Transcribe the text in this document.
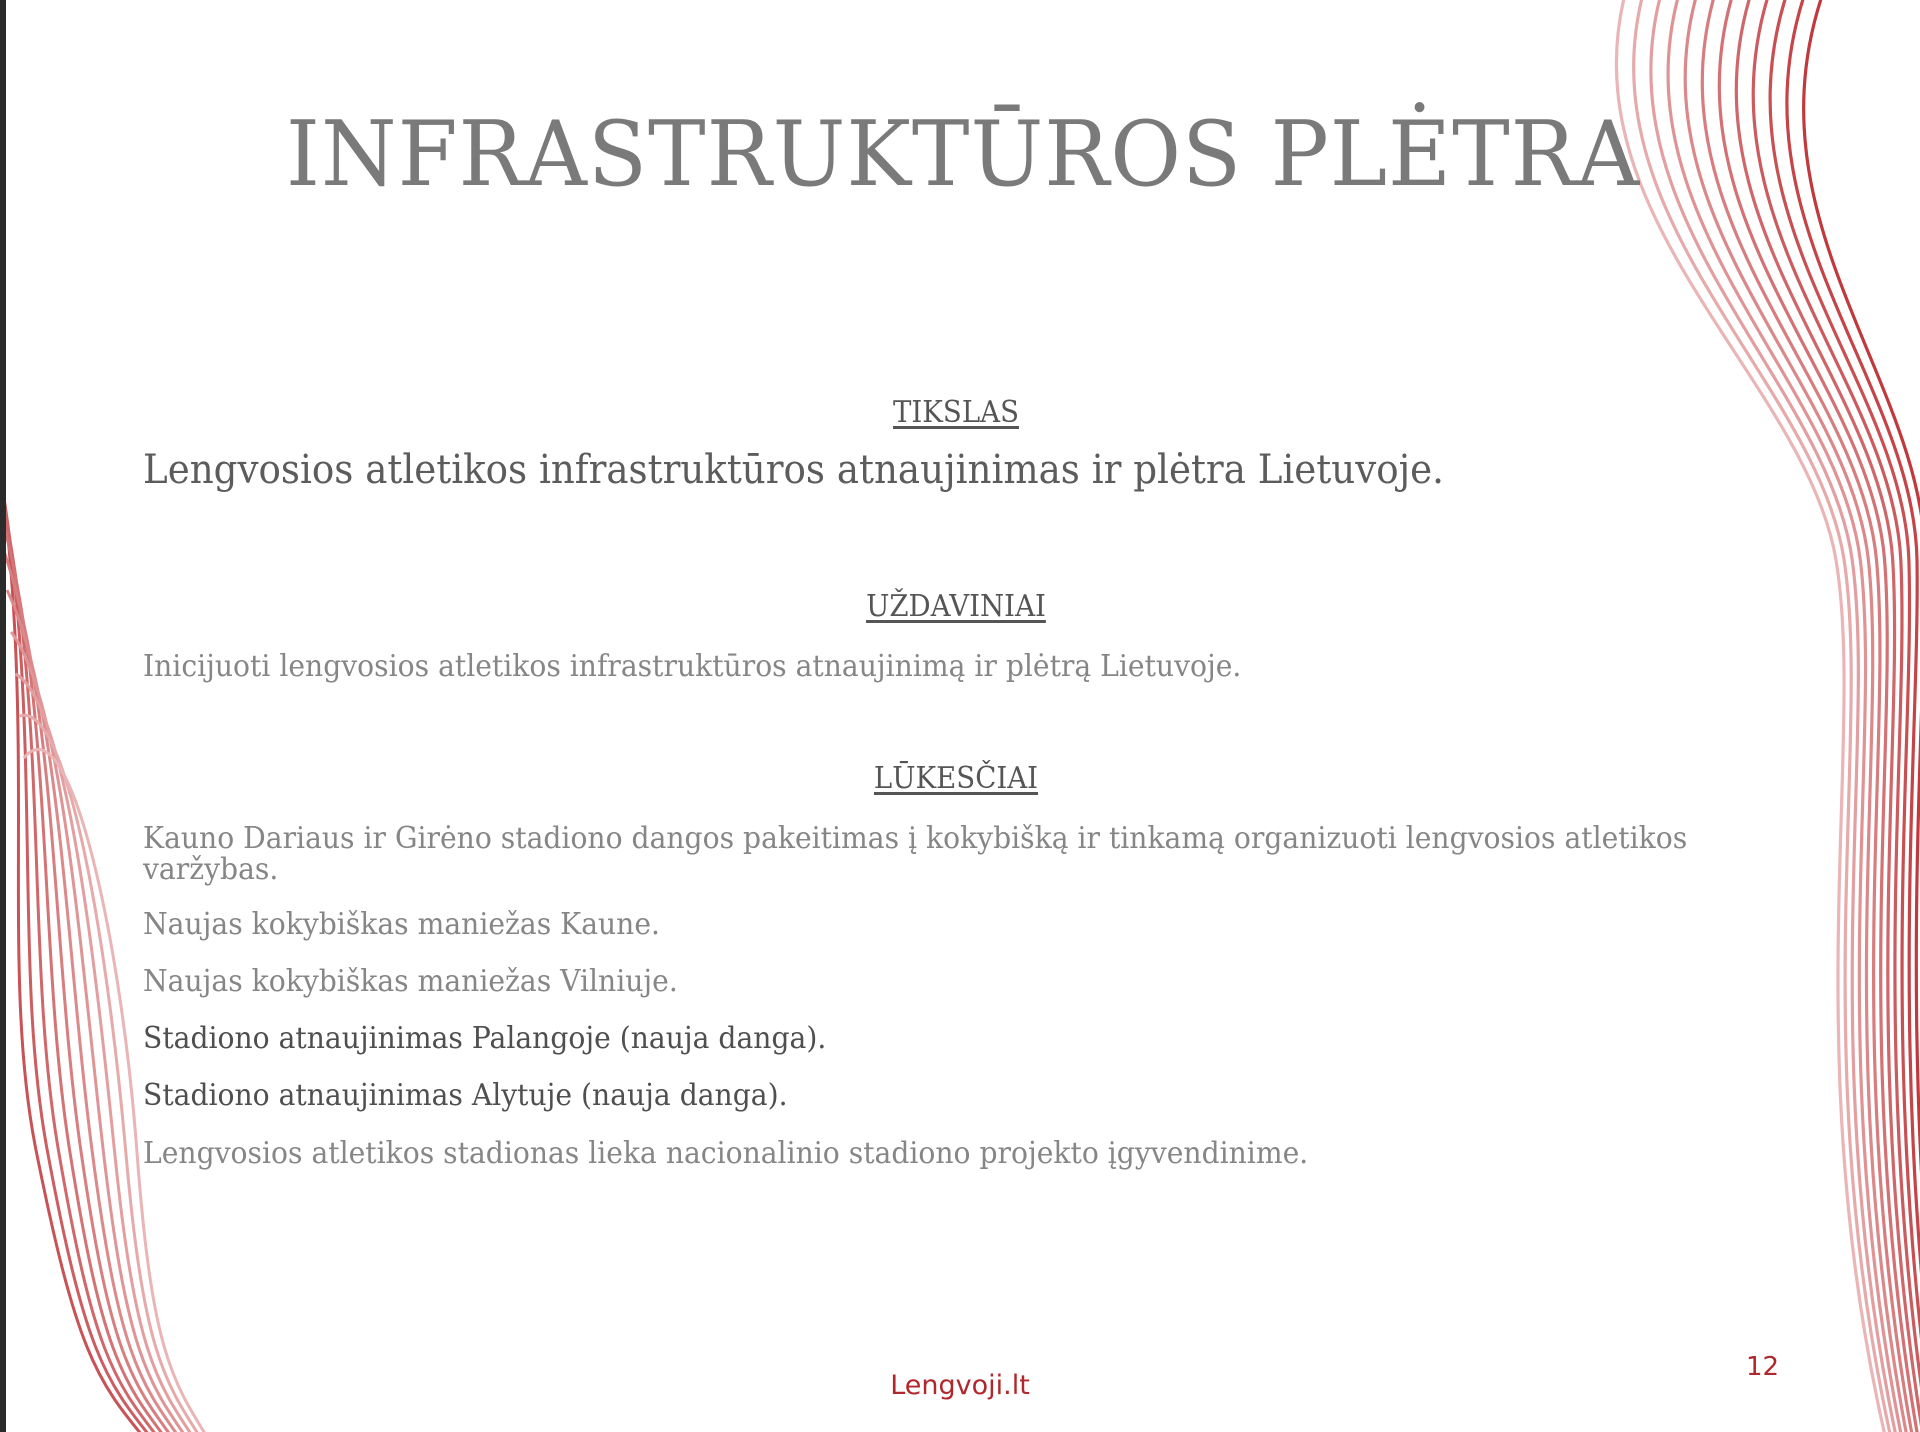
INFRASTRUKTŪROS PLĖTRA
TIKSLAS
Lengvosios atletikos infrastruktūros atnaujinimas ir plėtra Lietuvoje.
UŽDAVINIAI
Inicijuoti lengvosios atletikos infrastruktūros atnaujinimą ir plėtrą Lietuvoje.
LŪKESČIAI
Kauno Dariaus ir Girėno stadiono dangos pakeitimas į kokybišką ir tinkamą organizuoti lengvosios atletikos varžybas.
Naujas kokybiškas maniežas Kaune.
Naujas kokybiškas maniežas Vilniuje.
Stadiono atnaujinimas Palangoje (nauja danga).
Stadiono atnaujinimas Alytuje (nauja danga).
Lengvosios atletikos stadionas lieka nacionalinio stadiono projekto įgyvendinime.
12
Lengvoji.lt
